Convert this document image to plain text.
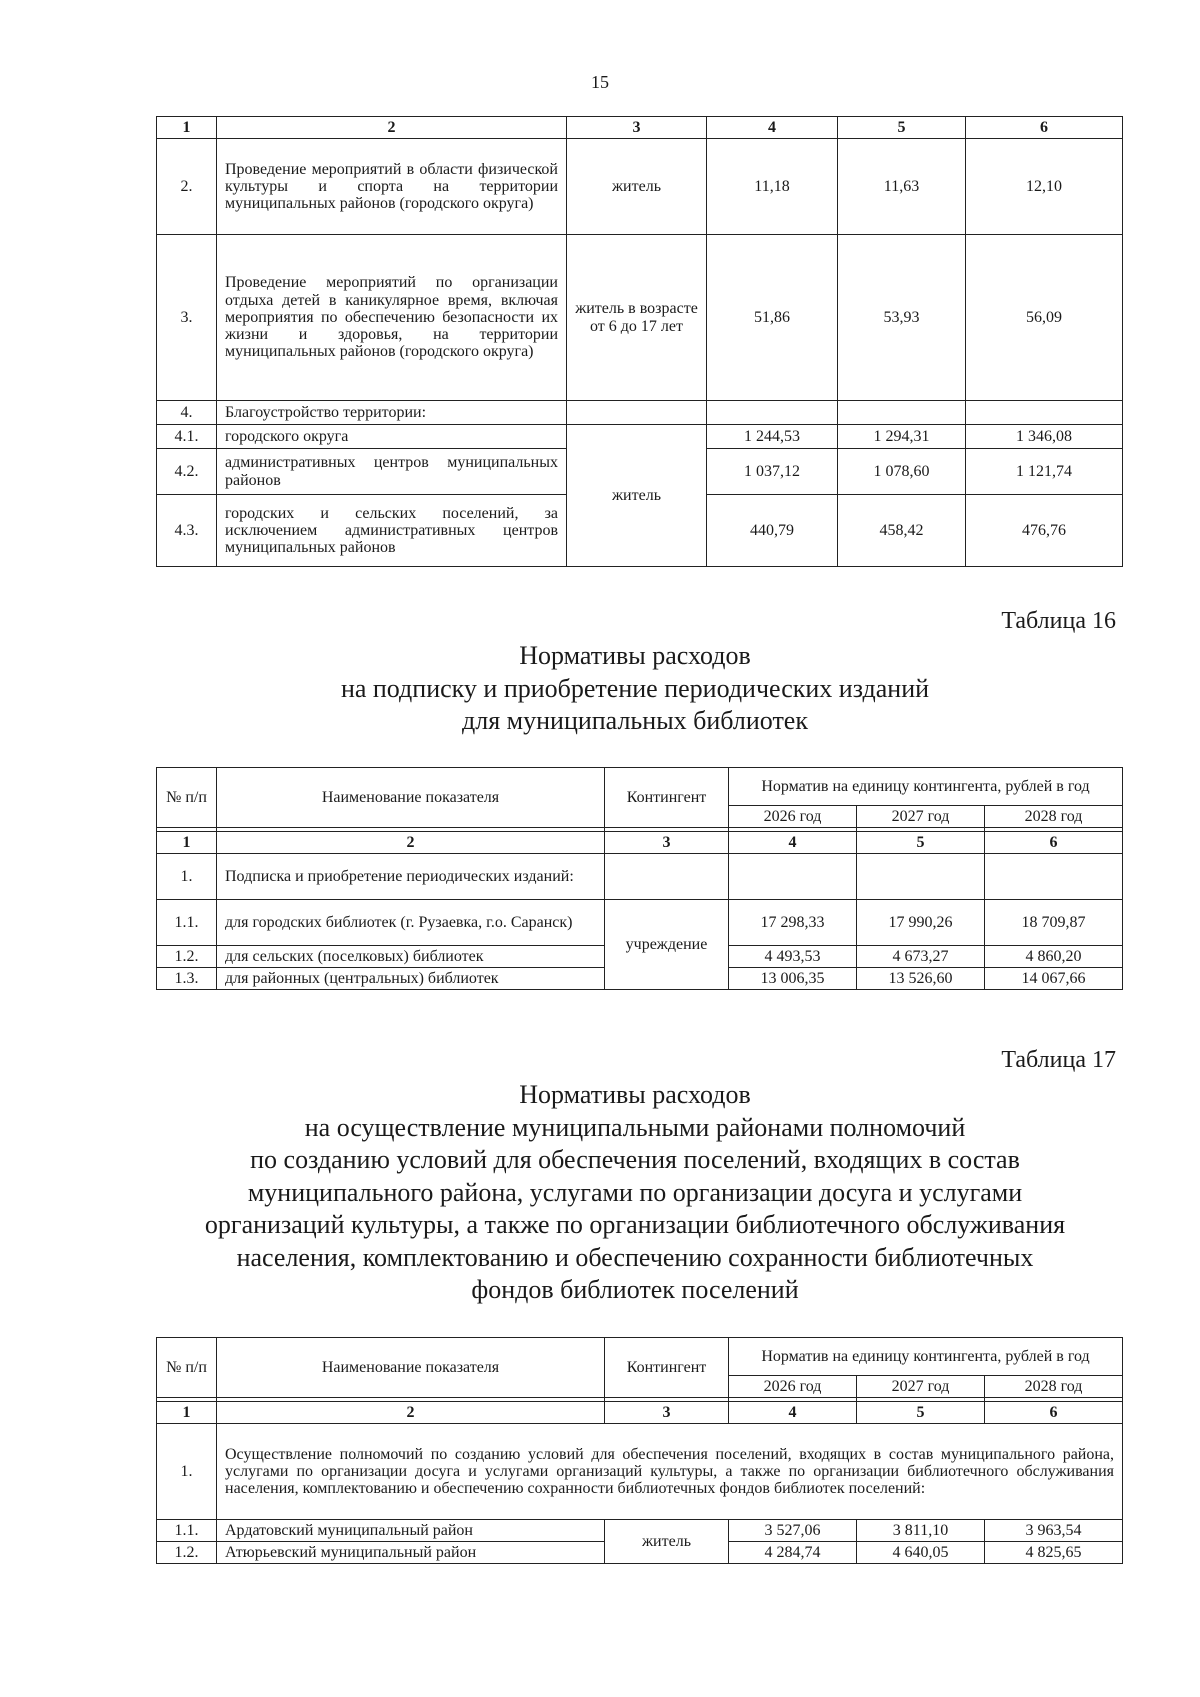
15
1	2	3	4	5	6
2.	Проведение мероприятий в области физической культуры и спорта на территории муниципальных районов (городского округа)	житель	11,18	11,63	12,10
3.	Проведение мероприятий по организации отдыха детей в каникулярное время, включая мероприятия по обеспечению безопасности их жизни и здоровья, на территории муниципальных районов (городского округа)	житель в возрасте от 6 до 17 лет	51,86	53,93	56,09
4.	Благоустройство территории:				
4.1.	городского округа	житель	1 244,53	1 294,31	1 346,08
4.2.	административных центров муниципальных районов		1 037,12	1 078,60	1 121,74
4.3.	городских и сельских поселений, за исключением административных центров муниципальных районов		440,79	458,42	476,76
Таблица 16
Нормативы расходов
на подписку и приобретение периодических изданий
для муниципальных библиотек
№ п/п	Наименование показателя	Контингент	Норматив на единицу контингента, рублей в год		
			2026 год	2027 год	2028 год

1	2	3	4	5	6
1.	Подписка и приобретение периодических изданий:				
1.1.	для городских библиотек (г. Рузаевка, г.о. Саранск)	учреждение	17 298,33	17 990,26	18 709,87
1.2.	для сельских (поселковых) библиотек		4 493,53	4 673,27	4 860,20
1.3.	для районных (центральных) библиотек		13 006,35	13 526,60	14 067,66
Таблица 17
Нормативы расходов
на осуществление муниципальными районами полномочий
по созданию условий для обеспечения поселений, входящих в состав
муниципального района, услугами по организации досуга и услугами
организаций культуры, а также по организации библиотечного обслуживания
населения, комплектованию и обеспечению сохранности библиотечных
фондов библиотек поселений
№ п/п	Наименование показателя	Контингент	Норматив на единицу контингента, рублей в год		
			2026 год	2027 год	2028 год

1	2	3	4	5	6
1.	Осуществление полномочий по созданию условий для обеспечения поселений, входящих в состав муниципального района, услугами по организации досуга и услугами организаций культуры, а также по организации библиотечного обслуживания населения, комплектованию и обеспечению сохранности библиотечных фондов библиотек поселений:				
1.1.	Ардатовский муниципальный район	житель	3 527,06	3 811,10	3 963,54
1.2.	Атюрьевский муниципальный район		4 284,74	4 640,05	4 825,65
